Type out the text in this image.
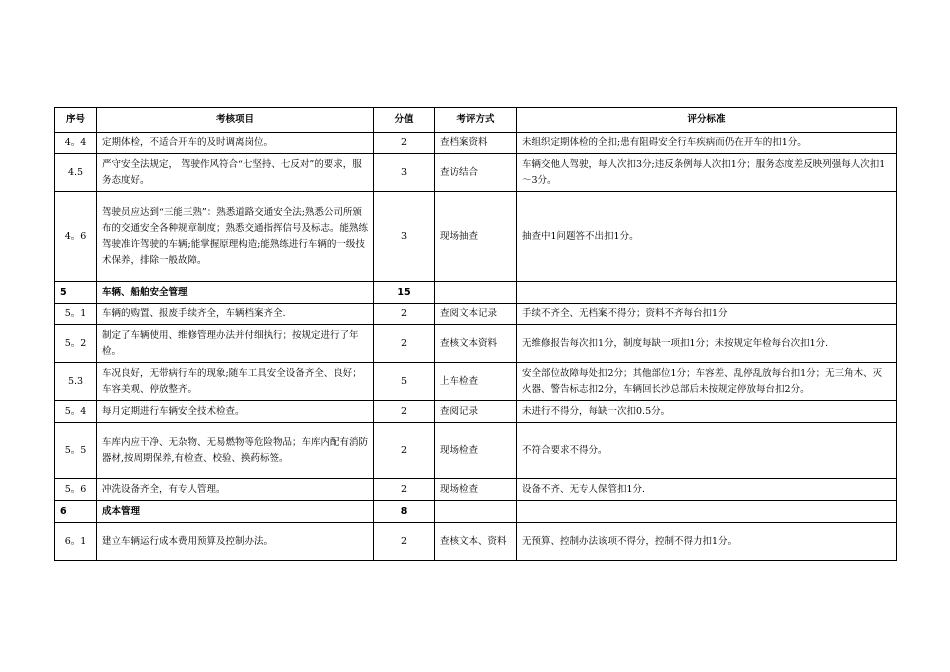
序号	考核项目	分值	考评方式	评分标准
4。4	定期体检，不适合开车的及时调离岗位。	2	查档案资料	未组织定期体检的全扣;患有阻碍安全行车疾病而仍在开车的扣1分。
4.5	严守安全法规定， 驾驶作风符合“七坚持、七反对”的要求，服务态度好。	3	查访结合	车辆交他人驾驶，每人次扣3分;违反条例每人次扣1分；服务态度差反映列强每人次扣1～3分。
4。6	驾驶员应达到“三能三熟”：熟悉道路交通安全法;熟悉公司所颁布的交通安全各种规章制度；熟悉交通指挥信号及标志。能熟练驾驶准许驾驶的车辆;能掌握原理构造;能熟练进行车辆的一级技术保养，排除一般故障。	3	现场抽查	抽查中1问题答不出扣1分。
5	车辆、船舶安全管理	15		
5。1	车辆的购置、报废手续齐全，车辆档案齐全.	2	查阅文本记录	手续不齐全、无档案不得分；资料不齐每台扣1分
5。2	制定了车辆使用、维修管理办法并付细执行；按规定进行了年检。	2	查核文本资料	无维修报告每次扣1分，制度每缺一项扣1分；未按规定年检每台次扣1分.
5.3	车况良好，无带病行车的现象;随车工具安全设备齐全、良好；车容美观、停放整齐。	5	上车检查	安全部位故障每处扣2分；其他部位1分；车容差、乱停乱放每台扣1分；无三角木、灭火器、警告标志扣2分，车辆回长沙总部后未按规定停放每台扣2分。
5。4	每月定期进行车辆安全技术检查。	2	查阅记录	未进行不得分，每缺一次扣0.5分。
5。5	车库内应干净、无杂物、无易燃物等危险物品；车库内配有消防器材,按周期保养,有检查、校验、换药标签。	2	现场检查	不符合要求不得分。
5。6	冲洗设备齐全，有专人管理。	2	现场检查	设备不齐、无专人保管扣1分.
6	成本管理	8		
6。1	建立车辆运行成本费用预算及控制办法。	2	查核文本、资料	无预算、控制办法该项不得分，控制不得力扣1分。
